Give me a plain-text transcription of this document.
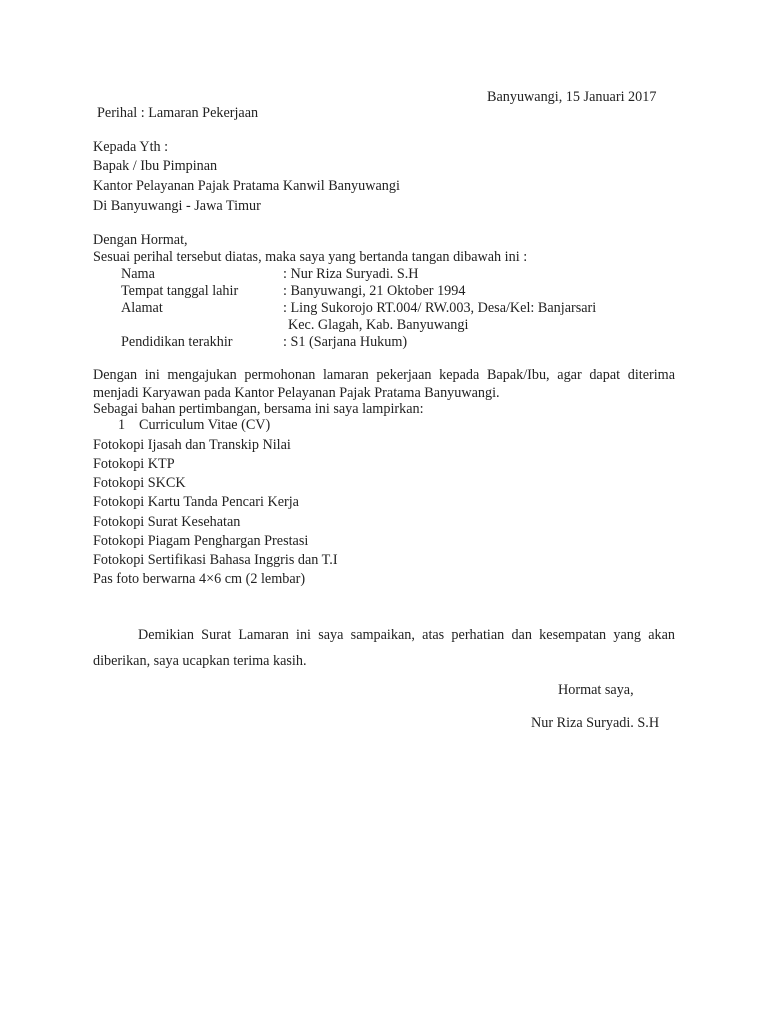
Banyuwangi, 15 Januari 2017
Perihal : Lamaran Pekerjaan
Kepada Yth :
Bapak / Ibu Pimpinan
Kantor Pelayanan Pajak Pratama Kanwil Banyuwangi
Di Banyuwangi - Jawa Timur
Dengan Hormat,
Sesuai perihal tersebut diatas, maka saya yang bertanda tangan dibawah ini :
Nama	: Nur Riza Suryadi. S.H
Tempat tanggal lahir	: Banyuwangi, 21 Oktober 1994
Alamat	: Ling Sukorojo RT.004/ RW.003, Desa/Kel: Banjarsari
Kec. Glagah, Kab. Banyuwangi
Pendidikan terakhir	: S1 (Sarjana Hukum)
Dengan ini mengajukan permohonan lamaran pekerjaan kepada Bapak/Ibu, agar dapat diterima menjadi Karyawan pada Kantor Pelayanan Pajak Pratama Banyuwangi.
Sebagai bahan pertimbangan, bersama ini saya lampirkan:
1 Curriculum Vitae (CV)
Fotokopi Ijasah dan Transkip Nilai
Fotokopi KTP
Fotokopi SKCK
Fotokopi Kartu Tanda Pencari Kerja
Fotokopi Surat Kesehatan
Fotokopi Piagam Penghargan Prestasi
Fotokopi Sertifikasi Bahasa Inggris dan T.I
Pas foto berwarna 4×6 cm (2 lembar)
Demikian Surat Lamaran ini saya sampaikan, atas perhatian dan kesempatan yang akan diberikan, saya ucapkan terima kasih.
Hormat saya,
Nur Riza Suryadi. S.H
